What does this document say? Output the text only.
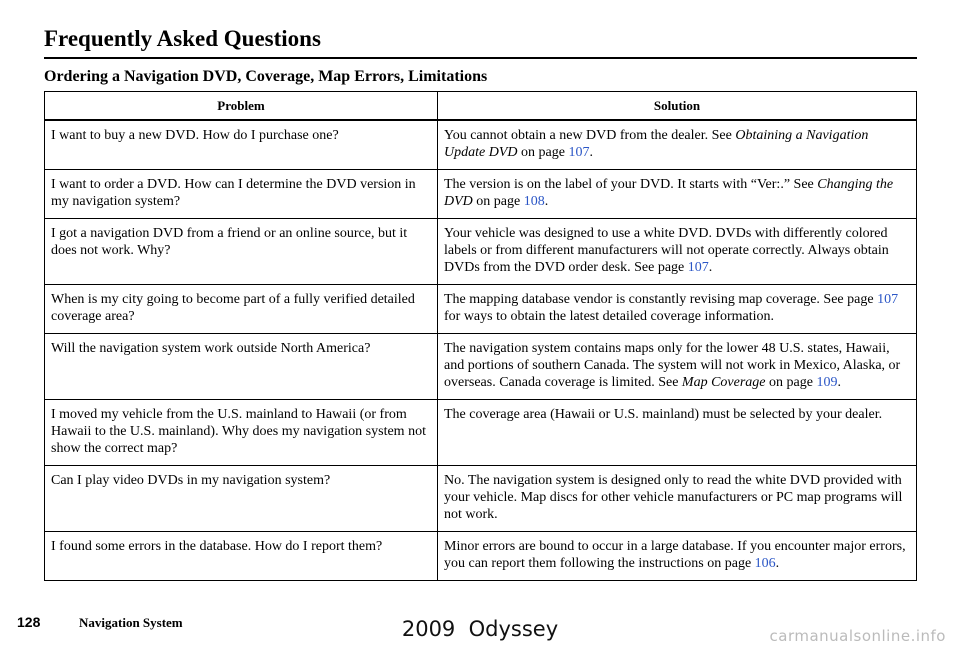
Frequently Asked Questions
Ordering a Navigation DVD, Coverage, Map Errors, Limitations
Problem	Solution
I want to buy a new DVD. How do I purchase one?	You cannot obtain a new DVD from the dealer. See Obtaining a Navigation Update DVD on page 107.
I want to order a DVD. How can I determine the DVD version in my navigation system?	The version is on the label of your DVD. It starts with “Ver:.” See Changing the DVD on page 108.
I got a navigation DVD from a friend or an online source, but it does not work. Why?	Your vehicle was designed to use a white DVD. DVDs with differently colored labels or from different manufacturers will not operate correctly. Always obtain DVDs from the DVD order desk. See page 107.
When is my city going to become part of a fully verified detailed coverage area?	The mapping database vendor is constantly revising map coverage. See page 107 for ways to obtain the latest detailed coverage information.
Will the navigation system work outside North America?	The navigation system contains maps only for the lower 48 U.S. states, Hawaii, and portions of southern Canada. The system will not work in Mexico, Alaska, or overseas. Canada coverage is limited. See Map Coverage on page 109.
I moved my vehicle from the U.S. mainland to Hawaii (or from Hawaii to the U.S. mainland). Why does my navigation system not show the correct map?	The coverage area (Hawaii or U.S. mainland) must be selected by your dealer.
Can I play video DVDs in my navigation system?	No. The navigation system is designed only to read the white DVD provided with your vehicle. Map discs for other vehicle manufacturers or PC map programs will not work.
I found some errors in the database. How do I report them?	Minor errors are bound to occur in a large database. If you encounter major errors, you can report them following the instructions on page 106.
128	Navigation System	2009  Odyssey	carmanualsonline.info
